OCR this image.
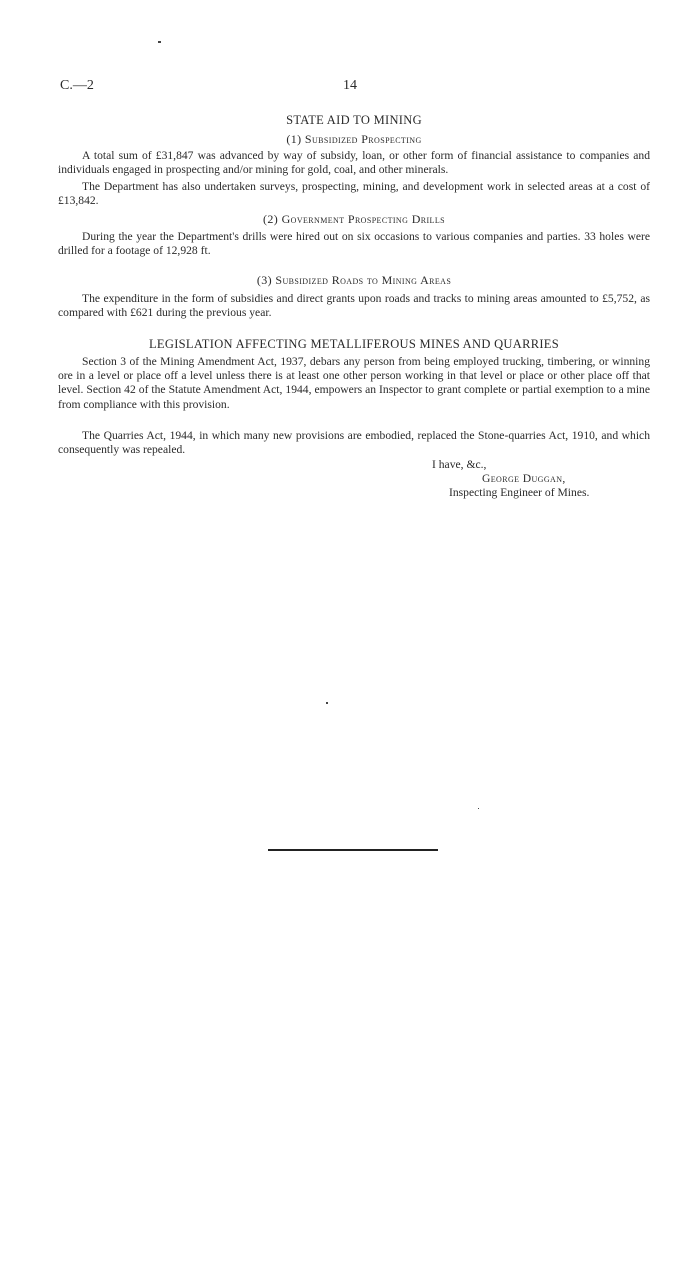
C.—2	14
STATE AID TO MINING
(1) Subsidized Prospecting

A total sum of £31,847 was advanced by way of subsidy, loan, or other form of financial assistance to companies and individuals engaged in prospecting and/or mining for gold, coal, and other minerals.

The Department has also undertaken surveys, prospecting, mining, and development work in selected areas at a cost of £13,842.

(2) Government Prospecting Drills

During the year the Department's drills were hired out on six occasions to various companies and parties. 33 holes were drilled for a footage of 12,928 ft.

(3) Subsidized Roads to Mining Areas

The expenditure in the form of subsidies and direct grants upon roads and tracks to mining areas amounted to £5,752, as compared with £621 during the previous year.

LEGISLATION AFFECTING METALLIFEROUS MINES AND QUARRIES

Section 3 of the Mining Amendment Act, 1937, debars any person from being employed trucking, timbering, or winning ore in a level or place off a level unless there is at least one other person working in that level or place or other place off that level. Section 42 of the Statute Amendment Act, 1944, empowers an Inspector to grant complete or partial exemption to a mine from compliance with this provision.

The Quarries Act, 1944, in which many new provisions are embodied, replaced the Stone-quarries Act, 1910, and which consequently was repealed.

I have, &c.,
George Duggan,
Inspecting Engineer of Mines.
